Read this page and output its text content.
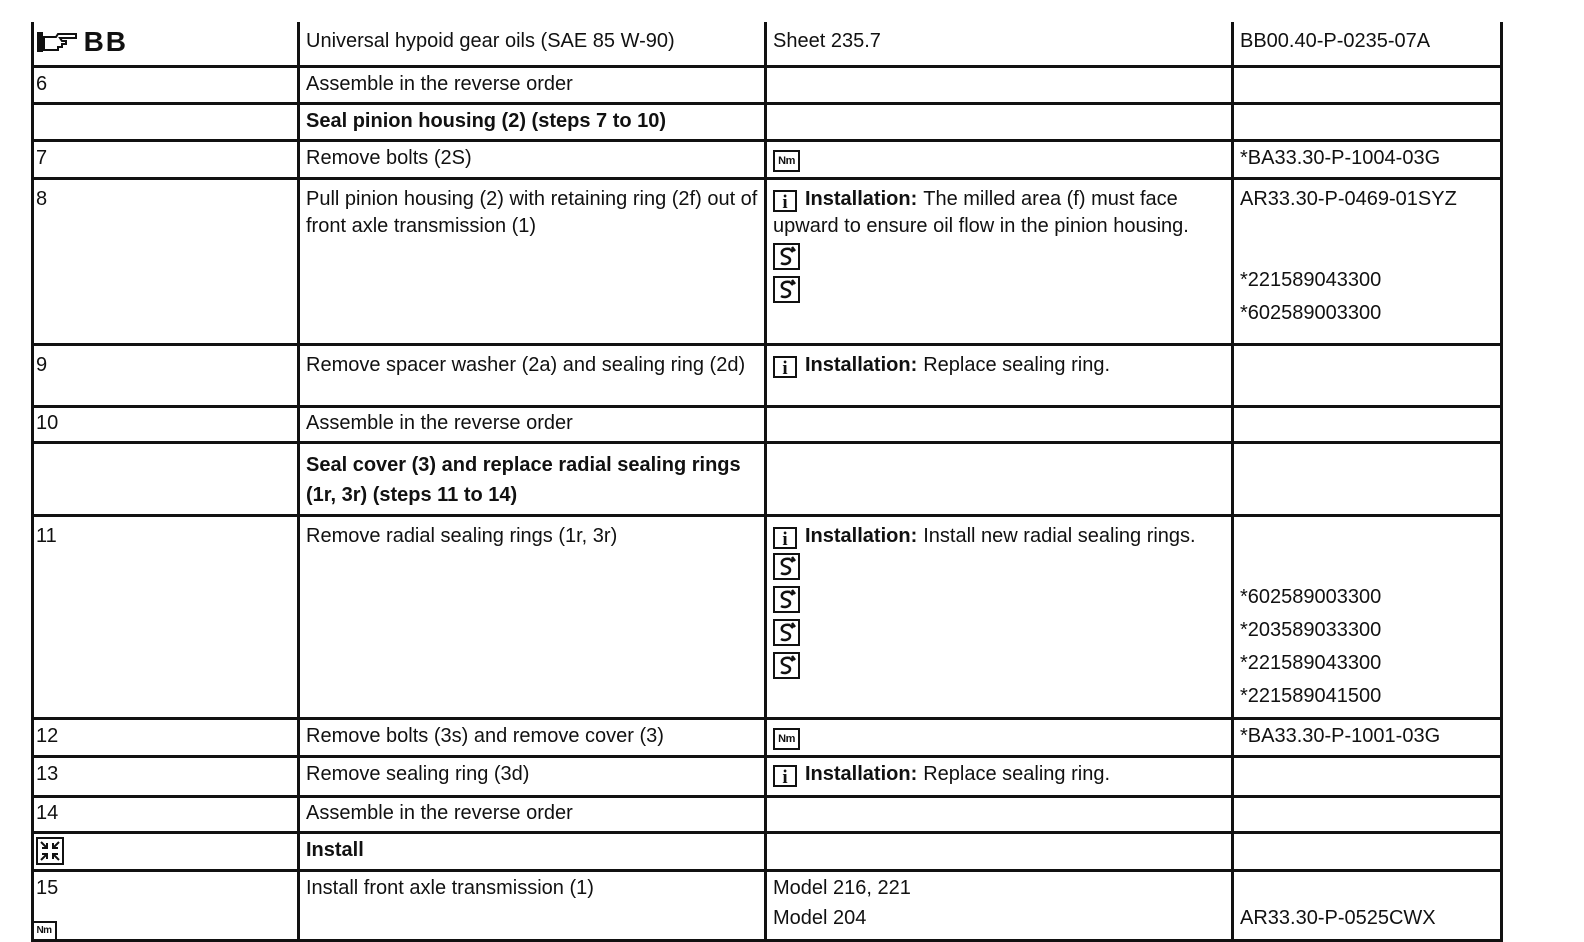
BB	Universal hypoid gear oils (SAE 85 W-90)	Sheet 235.7	BB00.40-P-0235-07A
6	Assemble in the reverse order		
	Seal pinion housing (2) (steps 7 to 10)		
7	Remove bolts (2S)	Nm	*BA33.30-P-1004-03G
8	Pull pinion housing (2) with retaining ring (2f) out of front axle transmission (1)	i Installation: The milled area (f) must face upward to ensure oil flow in the pinion housing.	AR33.30-P-0469-01SYZ
*221589043300
*602589003300

9	Remove spacer washer (2a) and sealing ring (2d)	i Installation: Replace sealing ring.	
10	Assemble in the reverse order		
	Seal cover (3) and replace radial sealing rings (1r, 3r) (steps 11 to 14)		
11	Remove radial sealing rings (1r, 3r)	i Installation: Install new radial sealing rings.	*602589003300
*203589033300
*221589043300
*221589041500

12	Remove bolts (3s) and remove cover (3)	Nm	*BA33.30-P-1001-03G
13	Remove sealing ring (3d)	i Installation: Replace sealing ring.	
14	Assemble in the reverse order		
	Install		
15	Install front axle transmission (1)	Model 216, 221
Model 204	AR33.30-P-0525CWX
Nm
